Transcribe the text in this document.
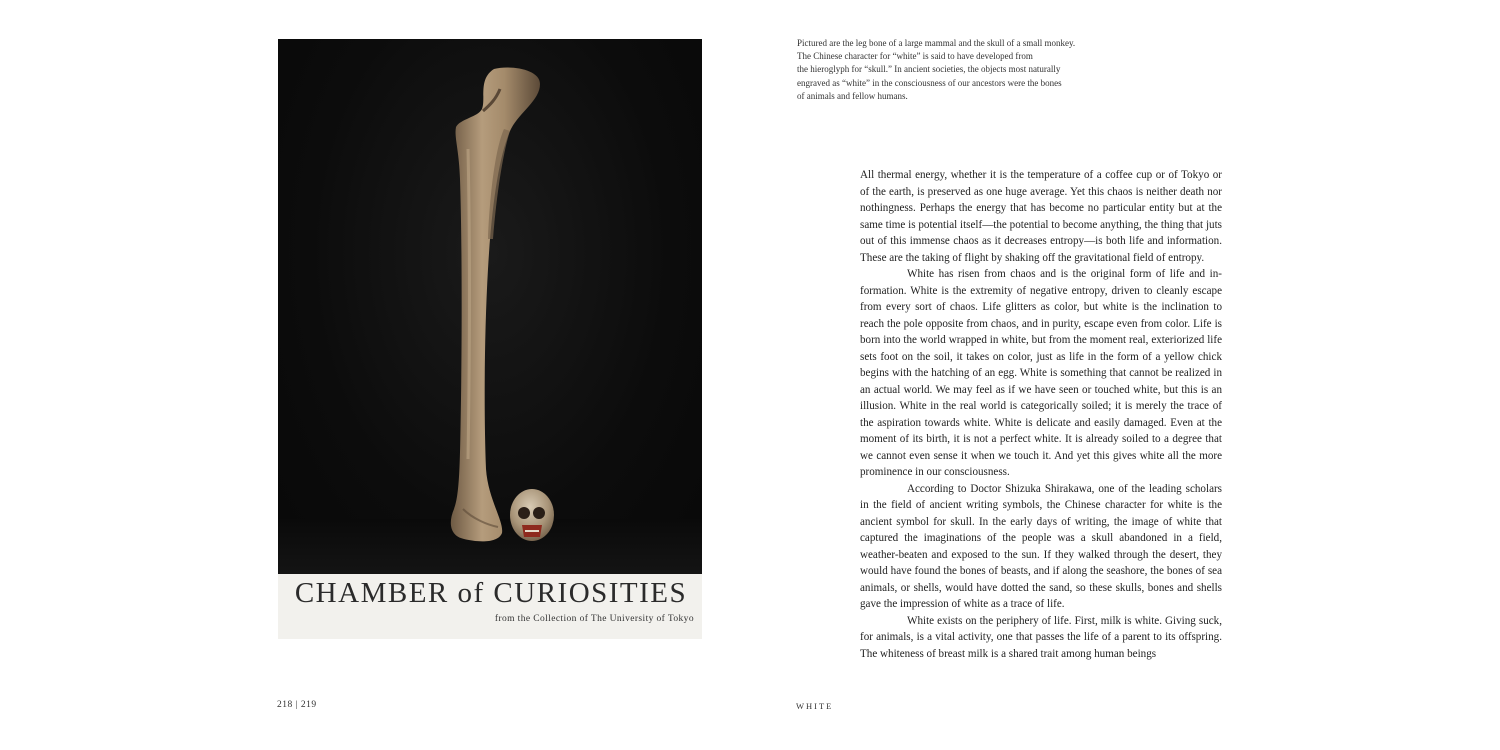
CHAMBER of CURIOSITIES
from the Collection of The University of Tokyo
Pictured are the leg bone of a large mammal and the skull of a small monkey.
The Chinese character for “white” is said to have developed from
the hieroglyph for “skull.” In ancient societies, the objects most naturally
engraved as “white” in the consciousness of our ancestors were the bones
of animals and fellow humans.

All thermal energy, whether it is the temperature of a coffee cup or of Tokyo or of the earth, is preserved as one huge average. Yet this chaos is neither death nor nothingness. Perhaps the energy that has become no particular entity but at the same time is potential itself—the potential to become anything, the thing that juts out of this immense chaos as it decreases entropy—is both life and information. These are the taking of flight by shaking off the gravitational field of entropy.

White has risen from chaos and is the original form of life and information. White is the extremity of negative entropy, driven to cleanly escape from every sort of chaos. Life glitters as color, but white is the inclination to reach the pole opposite from chaos, and in purity, escape even from color. Life is born into the world wrapped in white, but from the moment real, exteriorized life sets foot on the soil, it takes on color, just as life in the form of a yellow chick begins with the hatching of an egg. White is something that cannot be realized in an actual world. We may feel as if we have seen or touched white, but this is an illusion. White in the real world is categorically soiled; it is merely the trace of the aspiration towards white. White is delicate and easily damaged. Even at the moment of its birth, it is not a perfect white. It is already soiled to a degree that we cannot even sense it when we touch it. And yet this gives white all the more prominence in our consciousness.

According to Doctor Shizuka Shirakawa, one of the leading scholars in the field of ancient writing symbols, the Chinese character for white is the ancient symbol for skull. In the early days of writing, the image of white that captured the imaginations of the people was a skull abandoned in a field, weather-beaten and exposed to the sun. If they walked through the desert, they would have found the bones of beasts, and if along the seashore, the bones of sea animals, or shells, would have dotted the sand, so these skulls, bones and shells gave the impression of white as a trace of life.

White exists on the periphery of life. First, milk is white. Giving suck, for animals, is a vital activity, one that passes the life of a parent to its offspring. The whiteness of breast milk is a shared trait among human beings

218 | 219	WHITE
